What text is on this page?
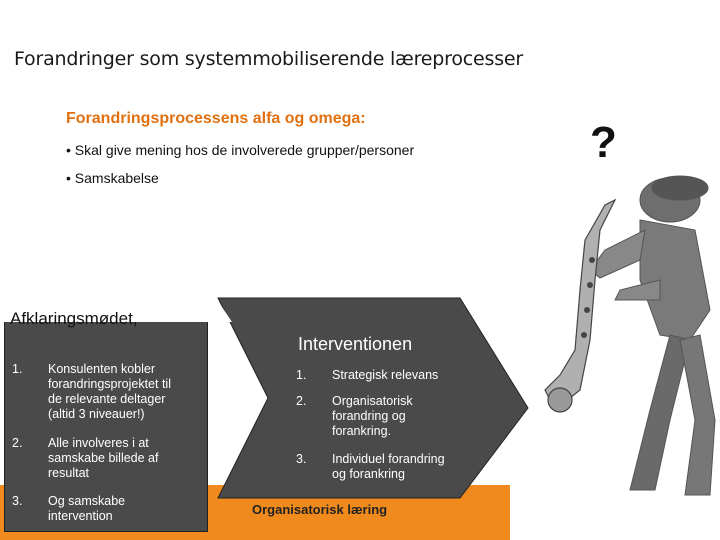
Forandringer som systemmobiliserende læreprocesser
Forandringsprocessens alfa og omega:
• Skal give mening hos de involverede grupper/personer
• Samskabelse
?
Organisatorisk læring
40
Interventionen
1. Strategisk relevans
2. Organisatorisk
forandring og
forankring.
3. Individuel forandring
og forankring
Afklaringsmødet,
1. Konsulenten kobler
forandringsprojektet til
de relevante deltager
(altid 3 niveauer!)
2. Alle involveres i at
samskabe billede af
resultat
3. Og samskabe
intervention
